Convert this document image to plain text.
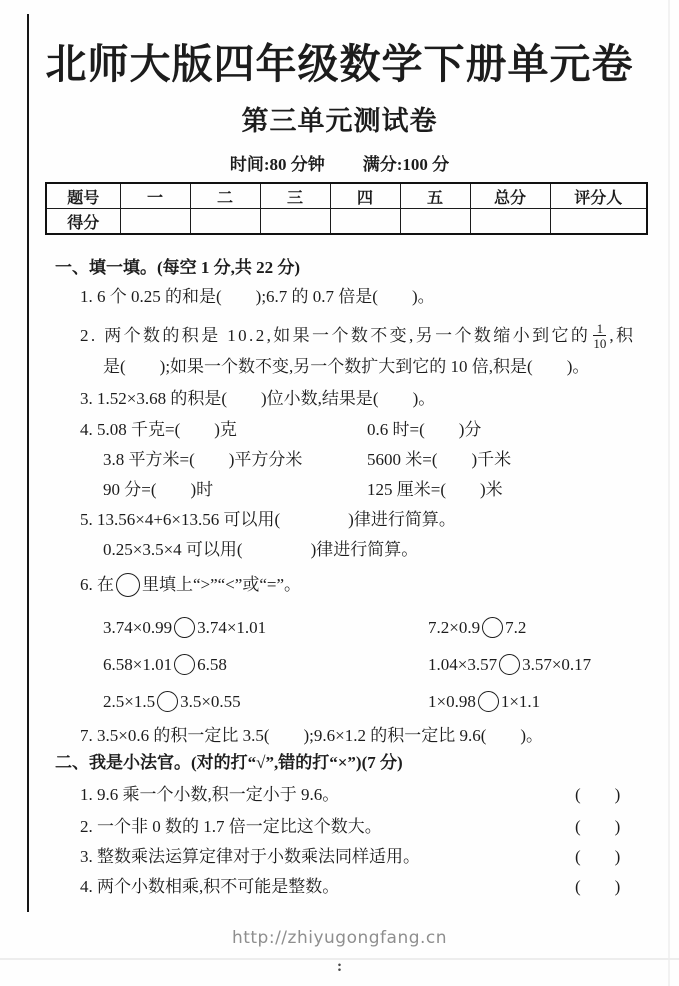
北师大版四年级数学下册单元卷
第三单元测试卷
时间:80 分钟 满分:100 分
题号	一	二	三	四	五	总分	评分人
得分							
一、填一填。(每空 1 分,共 22 分)
1. 6 个 0.25 的和是(　　);6.7 的 0.7 倍是(　　)。
2. 两个数的积是 10.2,如果一个数不变,另一个数缩小到它的 $\frac{1}{10}$ ,积
是(　　);如果一个数不变,另一个数扩大到它的 10 倍,积是(　　)。
3. 1.52×3.68 的积是(　　)位小数,结果是(　　)。
4. 5.08 千克=(　　)克	0.6 时=(　　)分
3.8 平方米=(　　)平方分米	5600 米=(　　)千米
90 分=(　　)时	125 厘米=(　　)米
5. 13.56×4+6×13.56 可以用(　　　　)律进行简算。
0.25×3.5×4 可以用(　　　　)律进行简算。
6. 在 里填上“>”“<”或“=”。
3.74×0.99 3.74×1.01	7.2×0.9 7.2
6.58×1.01 6.58	1.04×3.57 3.57×0.17
2.5×1.5 3.5×0.55	1×0.98 1×1.1
7. 3.5×0.6 的积一定比 3.5(　　);9.6×1.2 的积一定比 9.6(　　)。
二、我是小法官。(对的打“√”,错的打“×”)(7 分)
1. 9.6 乘一个小数,积一定小于 9.6。	(　　)
2. 一个非 0 数的 1.7 倍一定比这个数大。	(　　)
3. 整数乘法运算定律对于小数乘法同样适用。	(　　)
4. 两个小数相乘,积不可能是整数。	(　　)
http://zhiyugongfang.cn
:
